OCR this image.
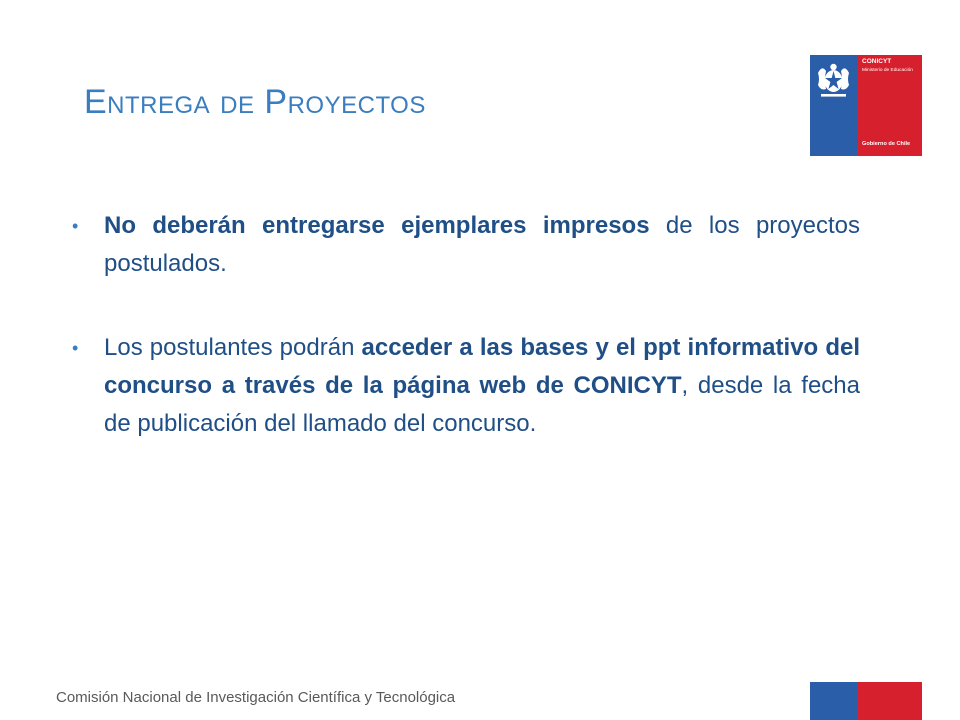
Entrega de Proyectos
CONICYT
Ministerio de Educación
Gobierno de Chile
• No deberán entregarse ejemplares impresos de los proyectos postulados.

• Los postulantes podrán acceder a las bases y el ppt informativo del concurso a través de la página web de CONICYT, desde la fecha de publicación del llamado del concurso.

Comisión Nacional de Investigación Científica y Tecnológica
